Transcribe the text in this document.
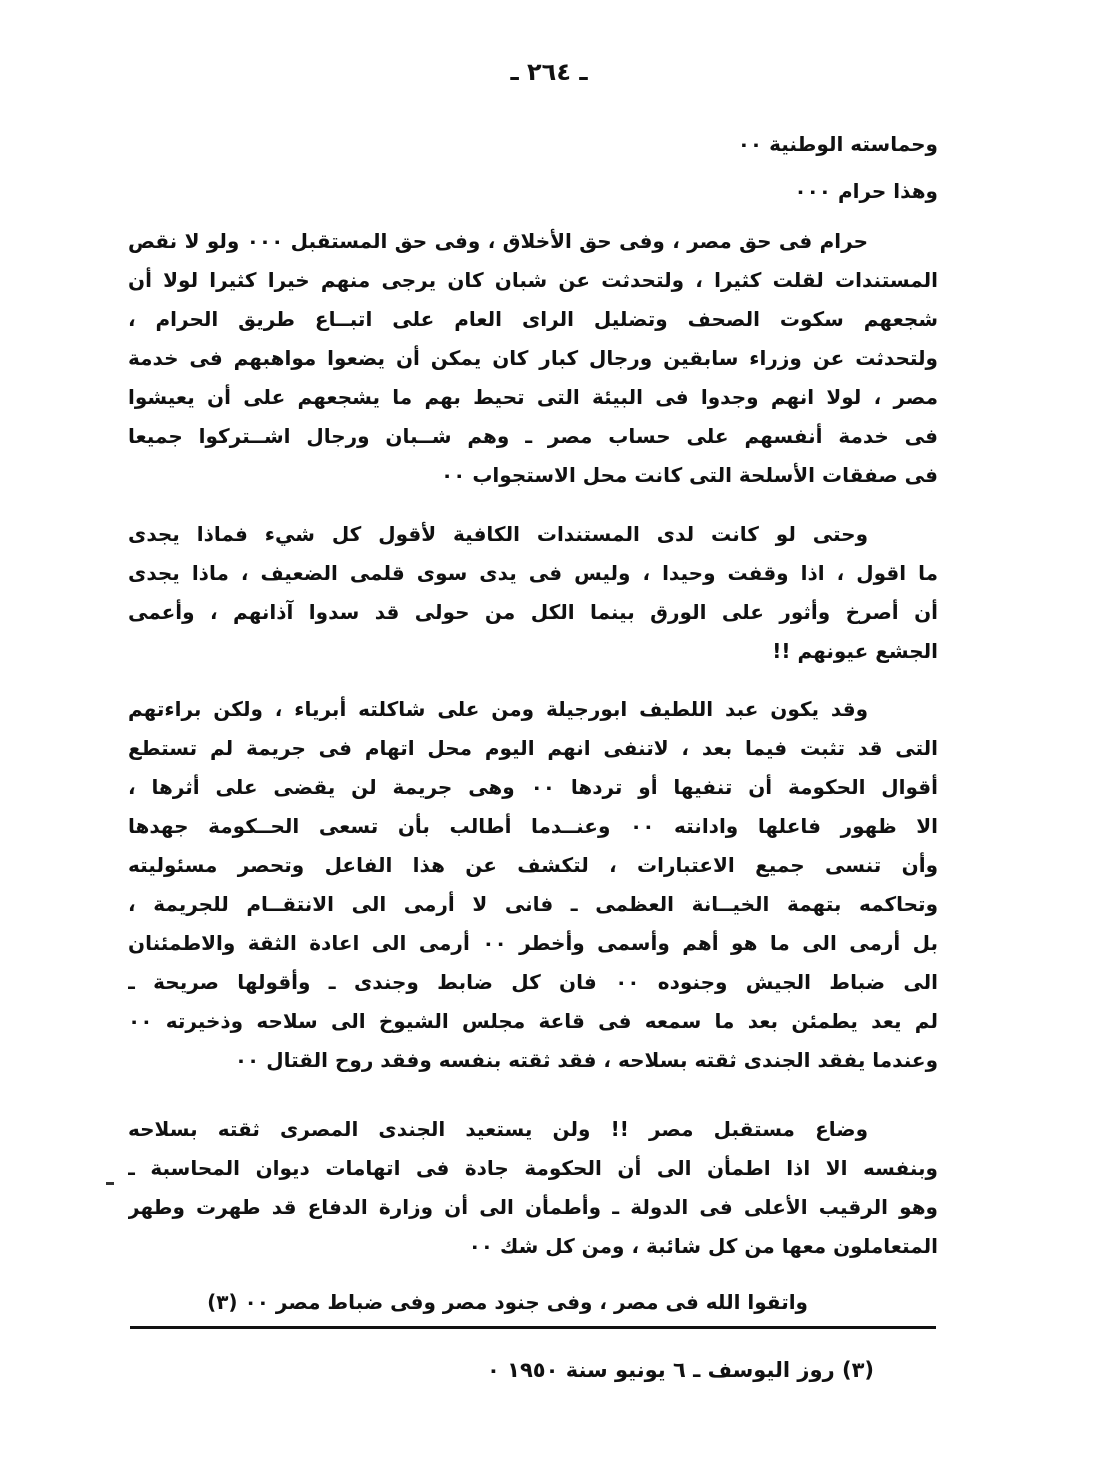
ـ ٢٦٤ ـ

وحماسته الوطنية ٠٠

وهذا حرام ٠٠٠

حرام فى حق مصر ، وفى حق الأخلاق ، وفى حق المستقبل ٠٠٠ ولو لا نقص
المستندات لقلت كثيرا ، ولتحدثت عن شبان كان يرجى منهم خيرا كثيرا لولا أن
شجعهم سكوت الصحف وتضليل الراى العام على اتبــاع طريق الحرام ،
ولتحدثت عن وزراء سابقين ورجال كبار كان يمكن أن يضعوا مواهبهم فى خدمة
مصر ، لولا انهم وجدوا فى البيئة التى تحيط بهم ما يشجعهم على أن يعيشوا
فى خدمة أنفسهم على حساب مصر ـ وهم شــبان ورجال اشــتركوا جميعا
فى صفقات الأسلحة التى كانت محل الاستجواب ٠٠
وحتى لو كانت لدى المستندات الكافية لأقول كل شيء فماذا يجدى
ما اقول ، اذا وقفت وحيدا ، وليس فى يدى سوى قلمى الضعيف ، ماذا يجدى
أن أصرخ وأثور على الورق بينما الكل من حولى قد سدوا آذانهم ، وأعمى
الجشع عيونهم !!
وقد يكون عبد اللطيف ابورجيلة ومن على شاكلته أبرياء ، ولكن براءتهم
التى قد تثبت فيما بعد ، لاتنفى انهم اليوم محل اتهام فى جريمة لم تستطع
أقوال الحكومة أن تنفيها أو تردها ٠٠ وهى جريمة لن يقضى على أثرها ،
الا ظهور فاعلها وادانته ٠٠ وعنــدما أطالب بأن تسعى الحــكومة جهدها
وأن تنسى جميع الاعتبارات ، لتكشف عن هذا الفاعل وتحصر مسئوليته
وتحاكمه بتهمة الخيــانة العظمى ـ فانى لا أرمى الى الانتقــام للجريمة ،
بل أرمى الى ما هو أهم وأسمى وأخطر ٠٠ أرمى الى اعادة الثقة والاطمئنان
الى ضباط الجيش وجنوده ٠٠ فان كل ضابط وجندى ـ وأقولها صريحة ـ
لم يعد يطمئن بعد ما سمعه فى قاعة مجلس الشيوخ الى سلاحه وذخيرته ٠٠
وعندما يفقد الجندى ثقته بسلاحه ، فقد ثقته بنفسه وفقد روح القتال ٠٠
وضاع مستقبل مصر !! ولن يستعيد الجندى المصرى ثقته بسلاحه
وبنفسه الا اذا اطمأن الى أن الحكومة جادة فى اتهامات ديوان المحاسبة ـ
وهو الرقيب الأعلى فى الدولة ـ وأطمأن الى أن وزارة الدفاع قد طهرت وطهر
المتعاملون معها من كل شائبة ، ومن كل شك ٠٠
واتقوا الله فى مصر ، وفى جنود مصر وفى ضباط مصر ٠٠ (٣)
(٣) روز اليوسف ـ ٦ يونيو سنة ١٩٥٠ ٠
